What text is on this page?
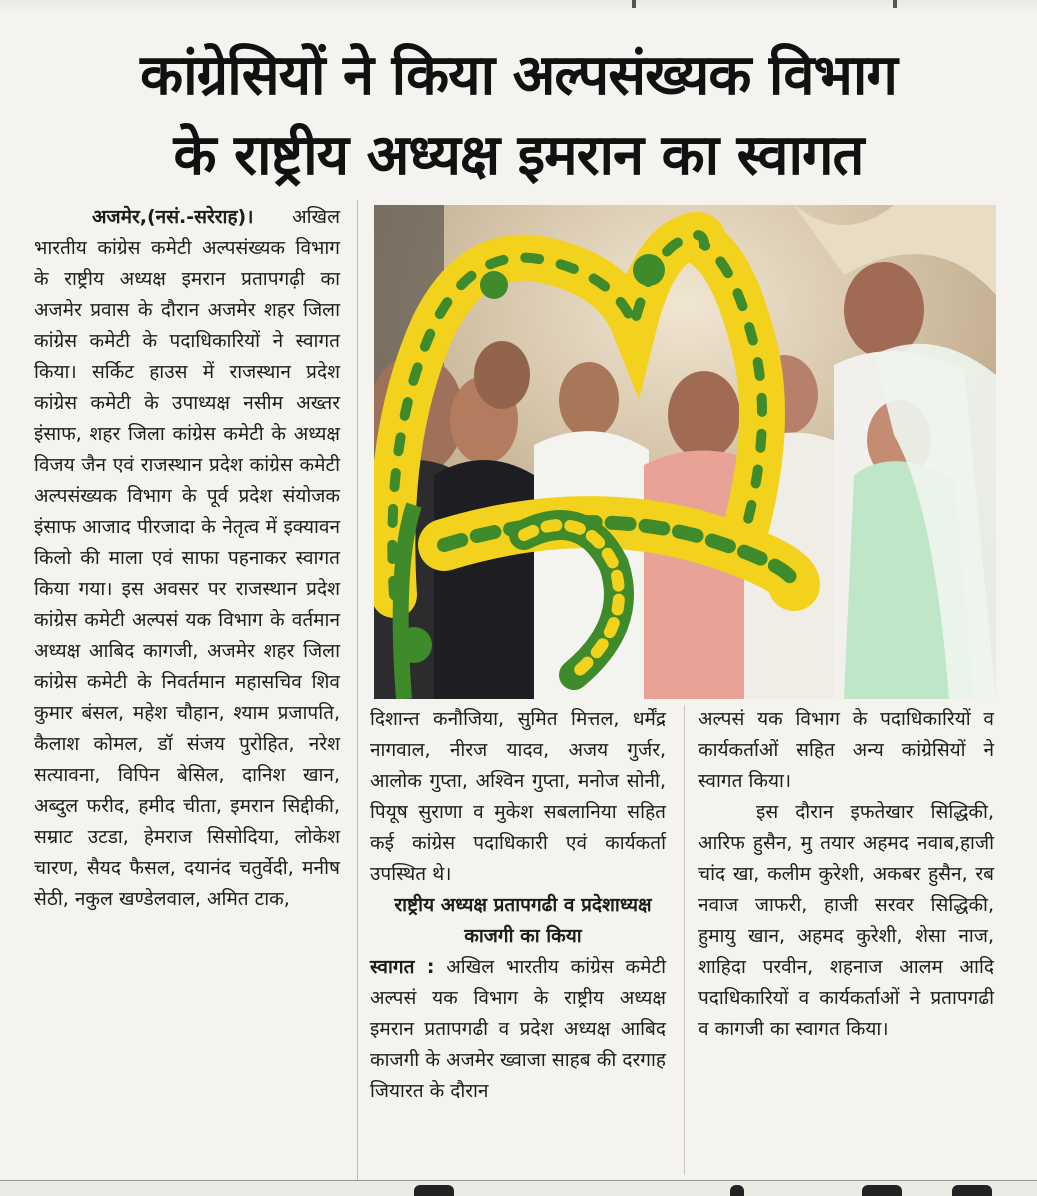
कांग्रेसियों ने किया अल्पसंख्यक विभाग
के राष्ट्रीय अध्यक्ष इमरान का स्वागत

अजमेर,(नसं.-सरेराह)। अखिल भारतीय कांग्रेस कमेटी अल्पसंख्यक विभाग के राष्ट्रीय अध्यक्ष इमरान प्रतापगढ़ी का अजमेर प्रवास के दौरान अजमेर शहर जिला कांग्रेस कमेटी के पदाधिकारियों ने स्वागत किया। सर्किट हाउस में राजस्थान प्रदेश कांग्रेस कमेटी के उपाध्यक्ष नसीम अख्तर इंसाफ, शहर जिला कांग्रेस कमेटी के अध्यक्ष विजय जैन एवं राजस्थान प्रदेश कांग्रेस कमेटी अल्पसंख्यक विभाग के पूर्व प्रदेश संयोजक इंसाफ आजाद पीरजादा के नेतृत्व में इक्यावन किलो की माला एवं साफा पहनाकर स्वागत किया गया। इस अवसर पर राजस्थान प्रदेश कांग्रेस कमेटी अल्पसं यक विभाग के वर्तमान अध्यक्ष आबिद कागजी, अजमेर शहर जिला कांग्रेस कमेटी के निवर्तमान महासचिव शिव कुमार बंसल, महेश चौहान, श्याम प्रजापति, कैलाश कोमल, डॉ संजय पुरोहित, नरेश सत्यावना, विपिन बेसिल, दानिश खान, अब्दुल फरीद, हमीद चीता, इमरान सिद्दीकी, सम्राट उटडा, हेमराज सिसोदिया, लोकेश चारण, सैयद फैसल, दयानंद चतुर्वेदी, मनीष सेठी, नकुल खण्डेलवाल, अमित टाक,

दिशान्त कनौजिया, सुमित मित्तल, धर्मेंद्र नागवाल, नीरज यादव, अजय गुर्जर, आलोक गुप्ता, अश्विन गुप्ता, मनोज सोनी, पियूष सुराणा व मुकेश सबलानिया सहित कई कांग्रेस पदाधिकारी एवं कार्यकर्ता उपस्थित थे।
राष्ट्रीय अध्यक्ष प्रतापगढी व प्रदेशाध्यक्ष काजगी का किया
स्वागत : अखिल भारतीय कांग्रेस कमेटी अल्पसं यक विभाग के राष्ट्रीय अध्यक्ष इमरान प्रतापगढी व प्रदेश अध्यक्ष आबिद काजगी के अजमेर ख्वाजा साहब की दरगाह जियारत के दौरान

अल्पसं यक विभाग के पदाधिकारियों व कार्यकर्ताओं सहित अन्य कांग्रेसियों ने स्वागत किया।
इस दौरान इफतेखार सिद्धिकी, आरिफ हुसैन, मु तयार अहमद नवाब,हाजी चांद खा, कलीम कुरेशी, अकबर हुसैन, रब नवाज जाफरी, हाजी सरवर सिद्धिकी, हुमायु खान, अहमद कुरेशी, शेसा नाज, शाहिदा परवीन, शहनाज आलम आदि पदाधिकारियों व कार्यकर्ताओं ने प्रतापगढी व कागजी का स्वागत किया।
